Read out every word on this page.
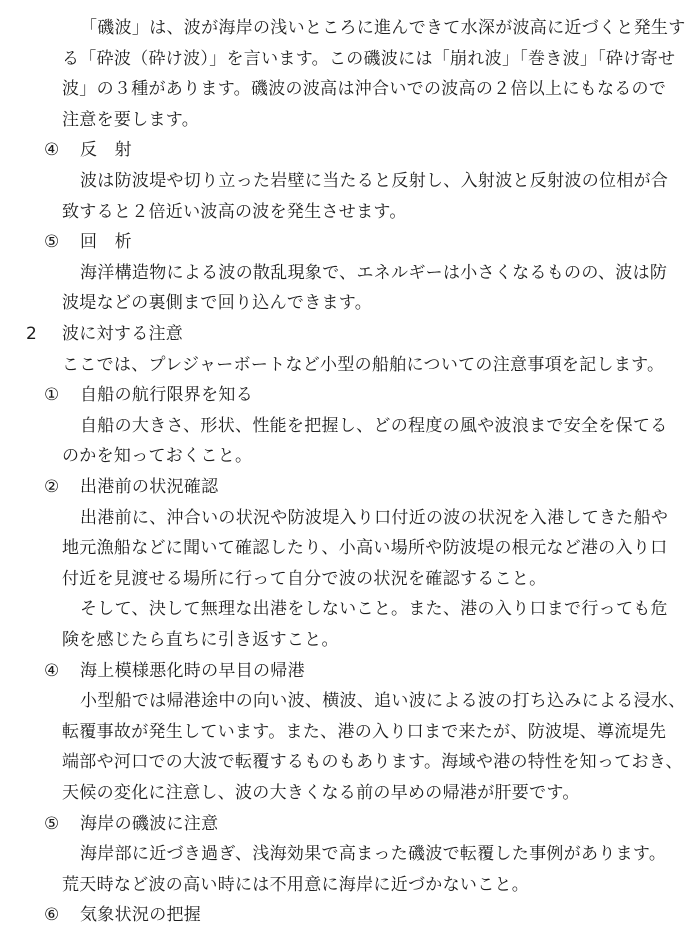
「磯波」は、波が海岸の浅いところに進んできて水深が波高に近づくと発生す
る「砕波（砕け波）」を言います。この磯波には「崩れ波」「巻き波」「砕け寄せ
波」の３種があります。磯波の波高は沖合いでの波高の２倍以上にもなるので
注意を要します。
④ 反　射
波は防波堤や切り立った岩壁に当たると反射し、入射波と反射波の位相が合
致すると２倍近い波高の波を発生させます。
⑤ 回　析
海洋構造物による波の散乱現象で、エネルギーは小さくなるものの、波は防
波堤などの裏側まで回り込んできます。
2 波に対する注意
ここでは、プレジャーボートなど小型の船舶についての注意事項を記します。
① 自船の航行限界を知る
自船の大きさ、形状、性能を把握し、どの程度の風や波浪まで安全を保てる
のかを知っておくこと。
② 出港前の状況確認
出港前に、沖合いの状況や防波堤入り口付近の波の状況を入港してきた船や
地元漁船などに聞いて確認したり、小高い場所や防波堤の根元など港の入り口
付近を見渡せる場所に行って自分で波の状況を確認すること。
そして、決して無理な出港をしないこと。また、港の入り口まで行っても危
険を感じたら直ちに引き返すこと。
④ 海上模様悪化時の早目の帰港
小型船では帰港途中の向い波、横波、追い波による波の打ち込みによる浸水、
転覆事故が発生しています。また、港の入り口まで来たが、防波堤、導流堤先
端部や河口での大波で転覆するものもあります。海域や港の特性を知っておき、
天候の変化に注意し、波の大きくなる前の早めの帰港が肝要です。
⑤ 海岸の磯波に注意
海岸部に近づき過ぎ、浅海効果で高まった磯波で転覆した事例があります。
荒天時など波の高い時には不用意に海岸に近づかないこと。
⑥ 気象状況の把握
